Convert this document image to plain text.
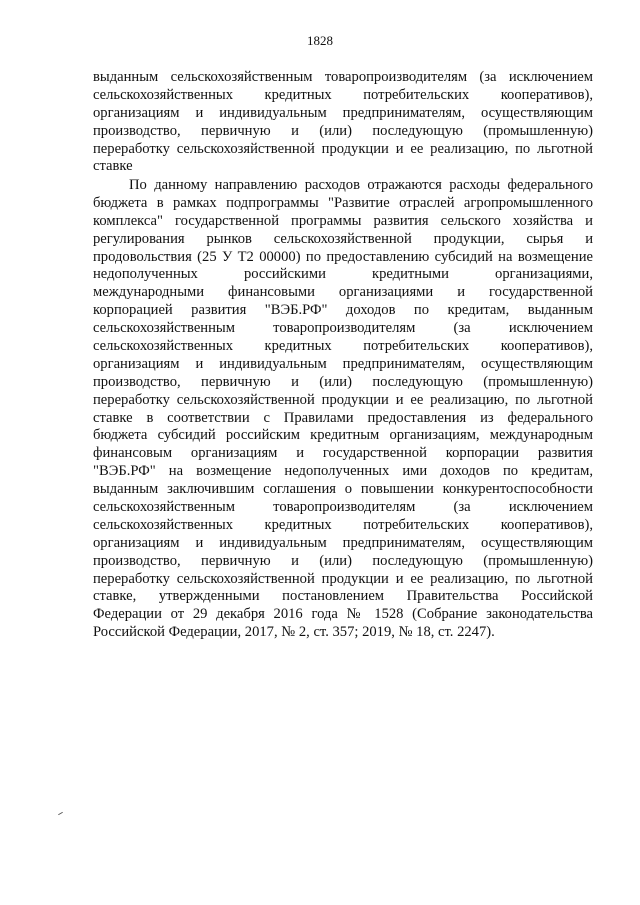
1828
выданным сельскохозяйственным товаропроизводителям (за исключением
сельскохозяйственных кредитных потребительских кооперативов),
организациям и индивидуальным предпринимателям, осуществляющим
производство, первичную и (или) последующую (промышленную)
переработку сельскохозяйственной продукции и ее реализацию, по льготной
ставке
По данному направлению расходов отражаются расходы федерального
бюджета в рамках подпрограммы "Развитие отраслей агропромышленного
комплекса" государственной программы развития сельского хозяйства и
регулирования рынков сельскохозяйственной продукции, сырья и
продовольствия (25 У Т2 00000) по предоставлению субсидий на возмещение
недополученных российскими кредитными организациями,
международными финансовыми организациями и государственной
корпорацией развития "ВЭБ.РФ" доходов по кредитам, выданным
сельскохозяйственным товаропроизводителям (за исключением
сельскохозяйственных кредитных потребительских кооперативов),
организациям и индивидуальным предпринимателям, осуществляющим
производство, первичную и (или) последующую (промышленную)
переработку сельскохозяйственной продукции и ее реализацию, по льготной
ставке в соответствии с Правилами предоставления из федерального
бюджета субсидий российским кредитным организациям, международным
финансовым организациям и государственной корпорации развития
"ВЭБ.РФ" на возмещение недополученных ими доходов по кредитам,
выданным заключившим соглашения о повышении конкурентоспособности
сельскохозяйственным товаропроизводителям (за исключением
сельскохозяйственных кредитных потребительских кооперативов),
организациям и индивидуальным предпринимателям, осуществляющим
производство, первичную и (или) последующую (промышленную)
переработку сельскохозяйственной продукции и ее реализацию, по льготной
ставке, утвержденными постановлением Правительства Российской
Федерации от 29 декабря 2016 года № 1528 (Собрание законодательства
Российской Федерации, 2017, № 2, ст. 357; 2019, № 18, ст. 2247).
